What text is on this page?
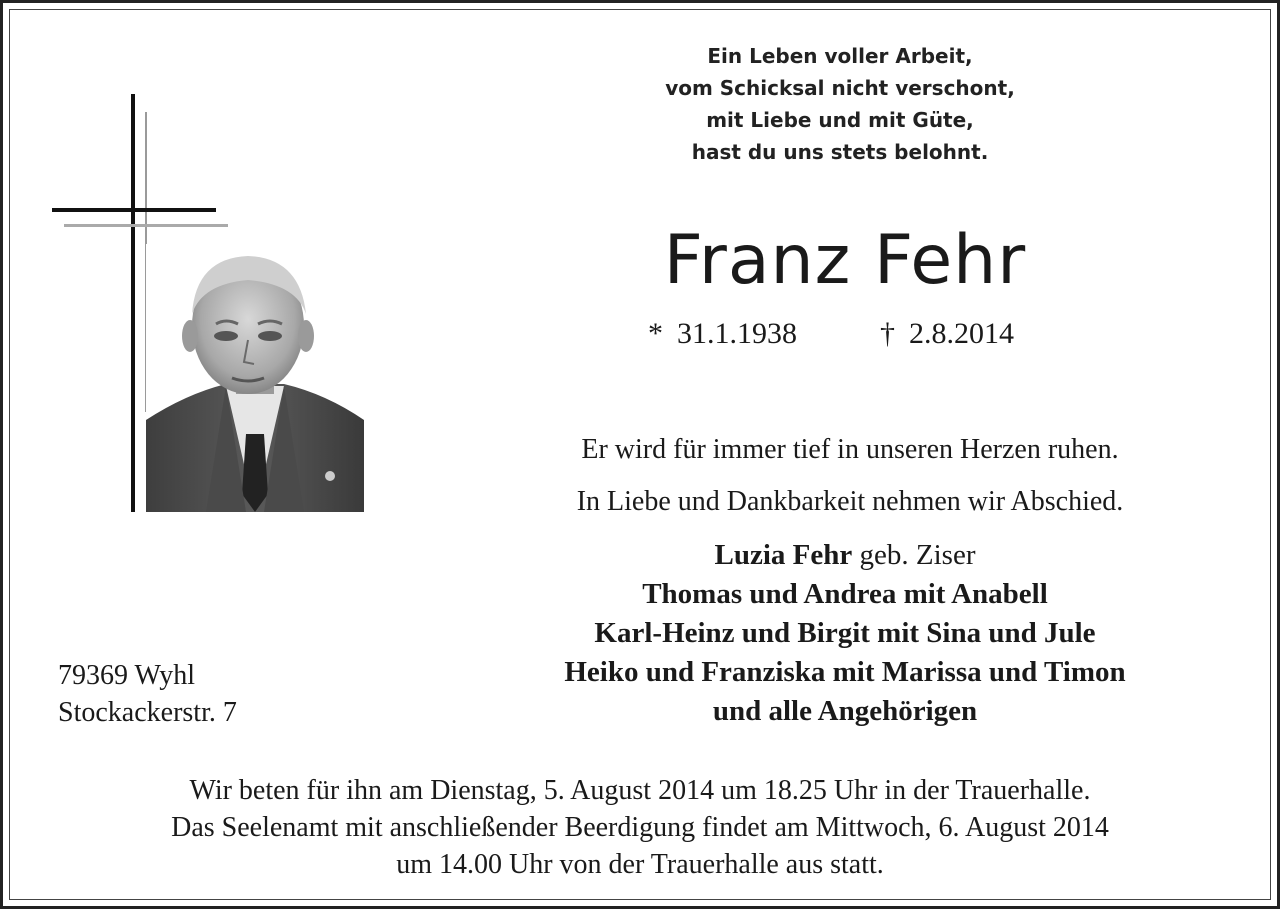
Ein Leben voller Arbeit,
vom Schicksal nicht verschont,
mit Liebe und mit Güte,
hast du uns stets belohnt.
Franz Fehr
* 31.1.1938	† 2.8.2014
Er wird für immer tief in unseren Herzen ruhen.
In Liebe und Dankbarkeit nehmen wir Abschied.
Luzia Fehr geb. Ziser
Thomas und Andrea mit Anabell
Karl-Heinz und Birgit mit Sina und Jule
Heiko und Franziska mit Marissa und Timon
und alle Angehörigen
79369 Wyhl
Stockackerstr. 7
Wir beten für ihn am Dienstag, 5. August 2014 um 18.25 Uhr in der Trauerhalle.
Das Seelenamt mit anschließender Beerdigung findet am Mittwoch, 6. August 2014
um 14.00 Uhr von der Trauerhalle aus statt.
